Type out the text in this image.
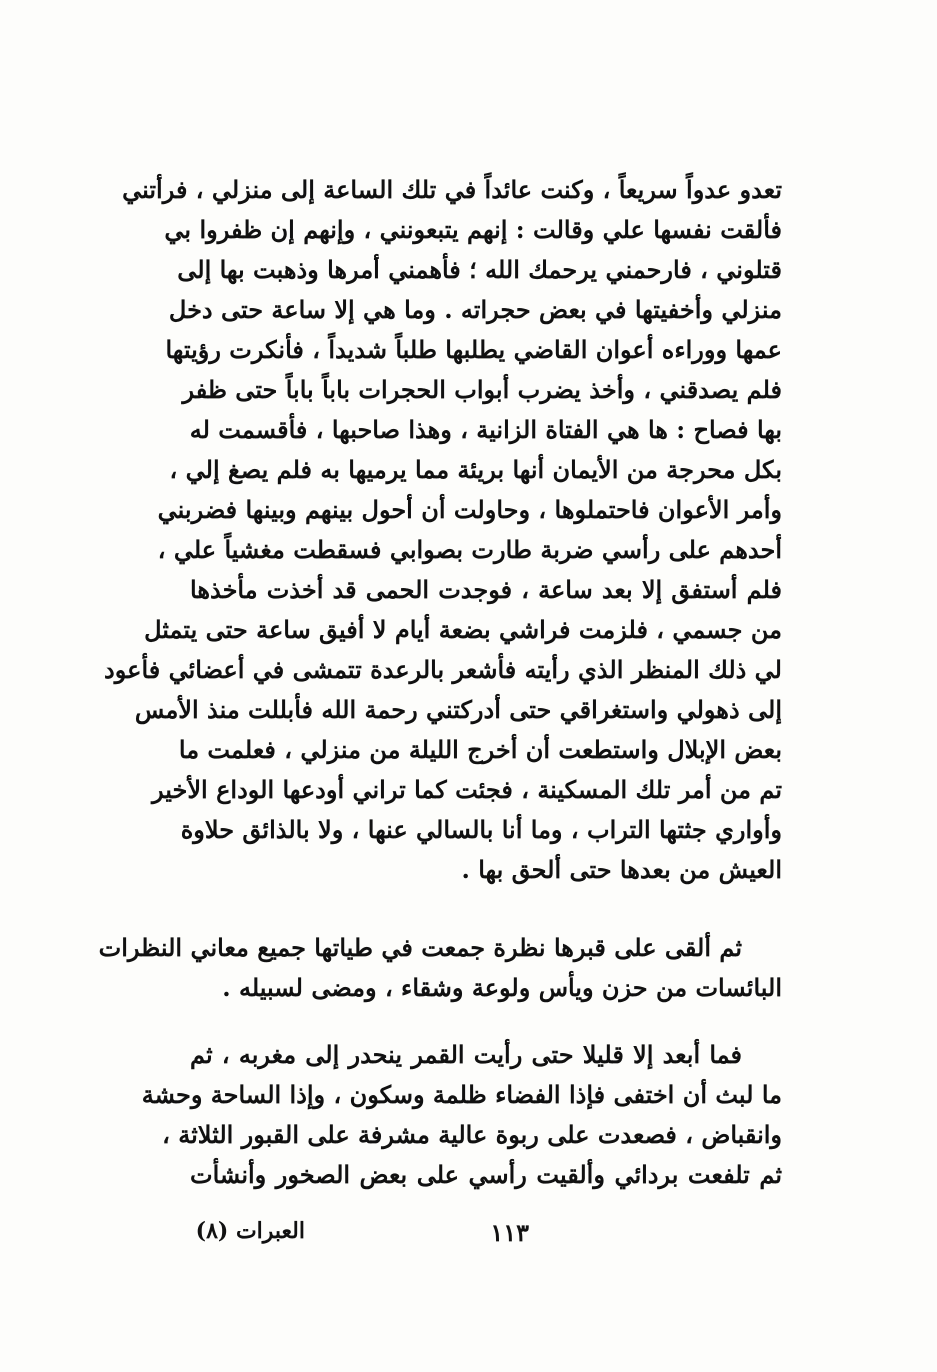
تعدو عدواً سريعاً ، وكنت عائداً في تلك الساعة إلى منزلي ، فرأتني
فألقت نفسها علي وقالت : إنهم يتبعونني ، وإنهم إن ظفروا بي
قتلوني ، فارحمني يرحمك الله ؛ فأهمني أمرها وذهبت بها إلى
منزلي وأخفيتها في بعض حجراته . وما هي إلا ساعة حتى دخل
عمها ووراءه أعوان القاضي يطلبها طلباً شديداً ، فأنكرت رؤيتها
فلم يصدقني ، وأخذ يضرب أبواب الحجرات باباً باباً حتى ظفر
بها فصاح : ها هي الفتاة الزانية ، وهذا صاحبها ، فأقسمت له
بكل محرجة من الأيمان أنها بريئة مما يرميها به فلم يصغ إلي ،
وأمر الأعوان فاحتملوها ، وحاولت أن أحول بينهم وبينها فضربني
أحدهم على رأسي ضربة طارت بصوابي فسقطت مغشياً علي ،
فلم أستفق إلا بعد ساعة ، فوجدت الحمى قد أخذت مأخذها
من جسمي ، فلزمت فراشي بضعة أيام لا أفيق ساعة حتى يتمثل
لي ذلك المنظر الذي رأيته فأشعر بالرعدة تتمشى في أعضائي فأعود
إلى ذهولي واستغراقي حتى أدركتني رحمة الله فأبللت منذ الأمس
بعض الإبلال واستطعت أن أخرج الليلة من منزلي ، فعلمت ما
تم من أمر تلك المسكينة ، فجئت كما تراني أودعها الوداع الأخير
وأواري جثتها التراب ، وما أنا بالسالي عنها ، ولا بالذائق حلاوة
العيش من بعدها حتى ألحق بها .
ثم ألقى على قبرها نظرة جمعت في طياتها جميع معاني النظرات
البائسات من حزن ويأس ولوعة وشقاء ، ومضى لسبيله .
فما أبعد إلا قليلا حتى رأيت القمر ينحدر إلى مغربه ، ثم
ما لبث أن اختفى فإذا الفضاء ظلمة وسكون ، وإذا الساحة وحشة
وانقباض ، فصعدت على ربوة عالية مشرفة على القبور الثلاثة ،
ثم تلفعت بردائي وألقيت رأسي على بعض الصخور وأنشأت
١١٣
العبرات (٨)
